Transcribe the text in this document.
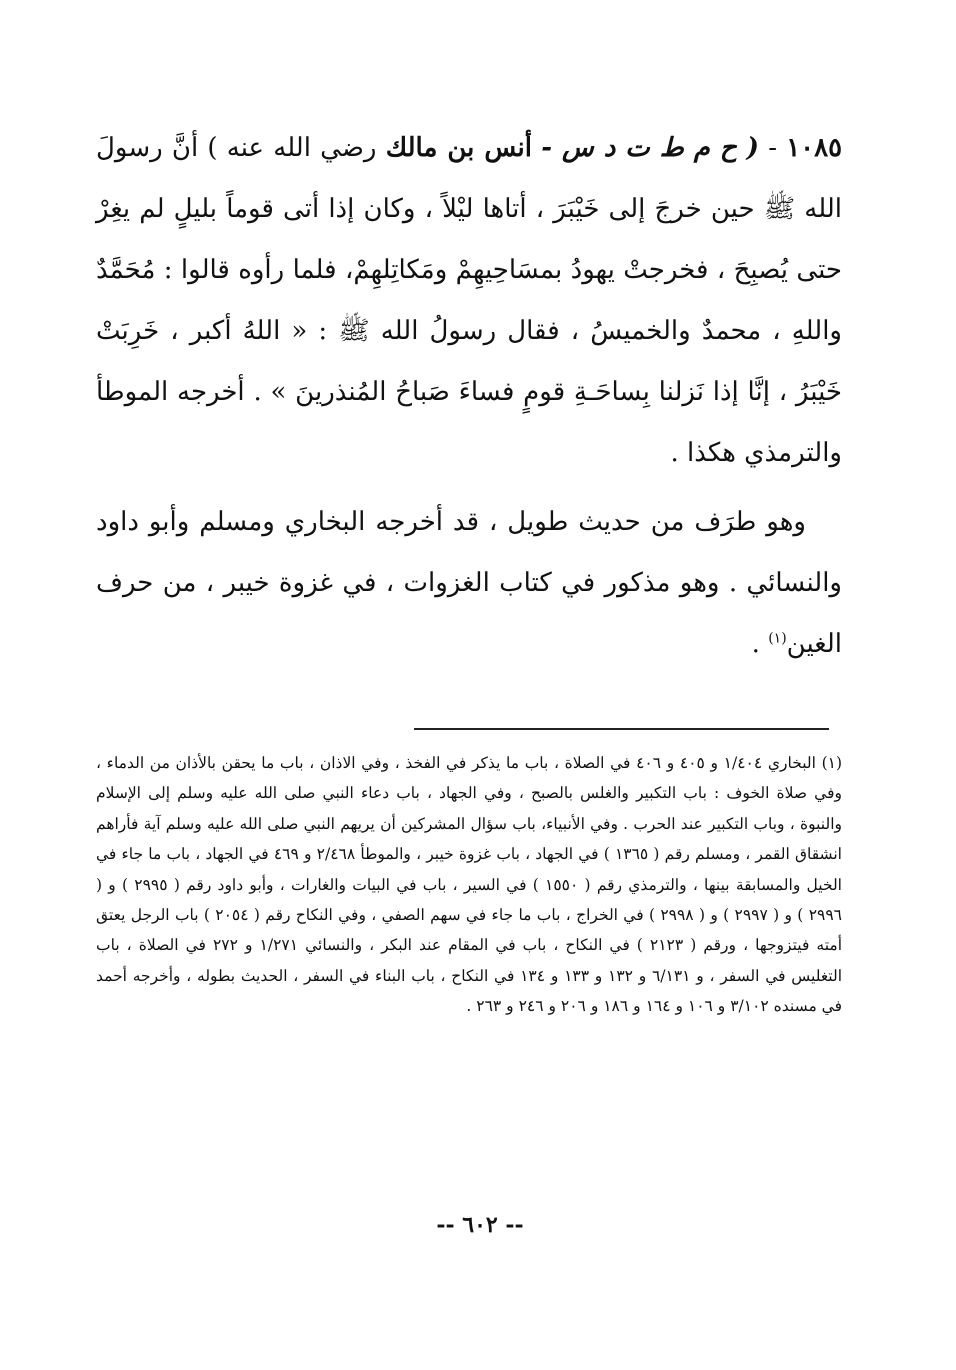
١٠٨٥ - ( ح م ط ت د س - أنس بن مالك رضي الله عنه ) أنَّ رسولَ الله ﷺ حين خرجَ إلى خَيْبَرَ ، أتاها ليْلاً ، وكان إذا أتى قوماً بليلٍ لم يغِرْ حتى يُصبِحَ ، فخرجتْ يهودُ بمسَاحِيهِمْ ومَكاتِلهِمْ، فلما رأوه قالوا : مُحَمَّدٌ واللهِ ، محمدٌ والخميسُ ، فقال رسولُ الله ﷺ : « اللهُ أكبر ، خَرِبَتْ خَيْبَرُ ، إنَّا إذا نَزلنا بِساحَـةِ قومٍ فساءَ صَباحُ المُنذرينَ » . أخرجه الموطأ والترمذي هكذا .

وهو طرَف من حديث طويل ، قد أخرجه البخاري ومسلم وأبو داود والنسائي . وهو مذكور في كتاب الغزوات ، في غزوة خيبر ، من حرف الغين$^{(١)}$ .

(١) البخاري ١/٤٠٤ و ٤٠٥ و ٤٠٦ في الصلاة ، باب ما يذكر في الفخذ ، وفي الاذان ، باب ما يحقن بالأذان من الدماء ، وفي صلاة الخوف : باب التكبير والغلس بالصبح ، وفي الجهاد ، باب دعاء النبي صلى الله عليه وسلم إلى الإسلام والنبوة ، وباب التكبير عند الحرب . وفي الأنبياء، باب سؤال المشركين أن يريهم النبي صلى الله عليه وسلم آية فأراهم انشقاق القمر ، ومسلم رقم ( ١٣٦٥ ) في الجهاد ، باب غزوة خيبر ، والموطأ ٢/٤٦٨ و ٤٦٩ في الجهاد ، باب ما جاء في الخيل والمسابقة بينها ، والترمذي رقم ( ١٥٥٠ ) في السير ، باب في البيات والغارات ، وأبو داود رقم ( ٢٩٩٥ ) و ( ٢٩٩٦ ) و ( ٢٩٩٧ ) و ( ٢٩٩٨ ) في الخراج ، باب ما جاء في سهم الصفي ، وفي النكاح رقم ( ٢٠٥٤ ) باب الرجل يعتق أمته فيتزوجها ، ورقم ( ٢١٢٣ ) في النكاح ، باب في المقام عند البكر ، والنسائي ١/٢٧١ و ٢٧٢ في الصلاة ، باب التغليس في السفر ، و ٦/١٣١ و ١٣٢ و ١٣٣ و ١٣٤ في النكاح ، باب البناء في السفر ، الحديث بطوله ، وأخرجه أحمد في مسنده ٣/١٠٢ و ١٠٦ و ١٦٤ و ١٨٦ و ٢٠٦ و ٢٤٦ و ٢٦٣ .

-- ٦٠٢ --
